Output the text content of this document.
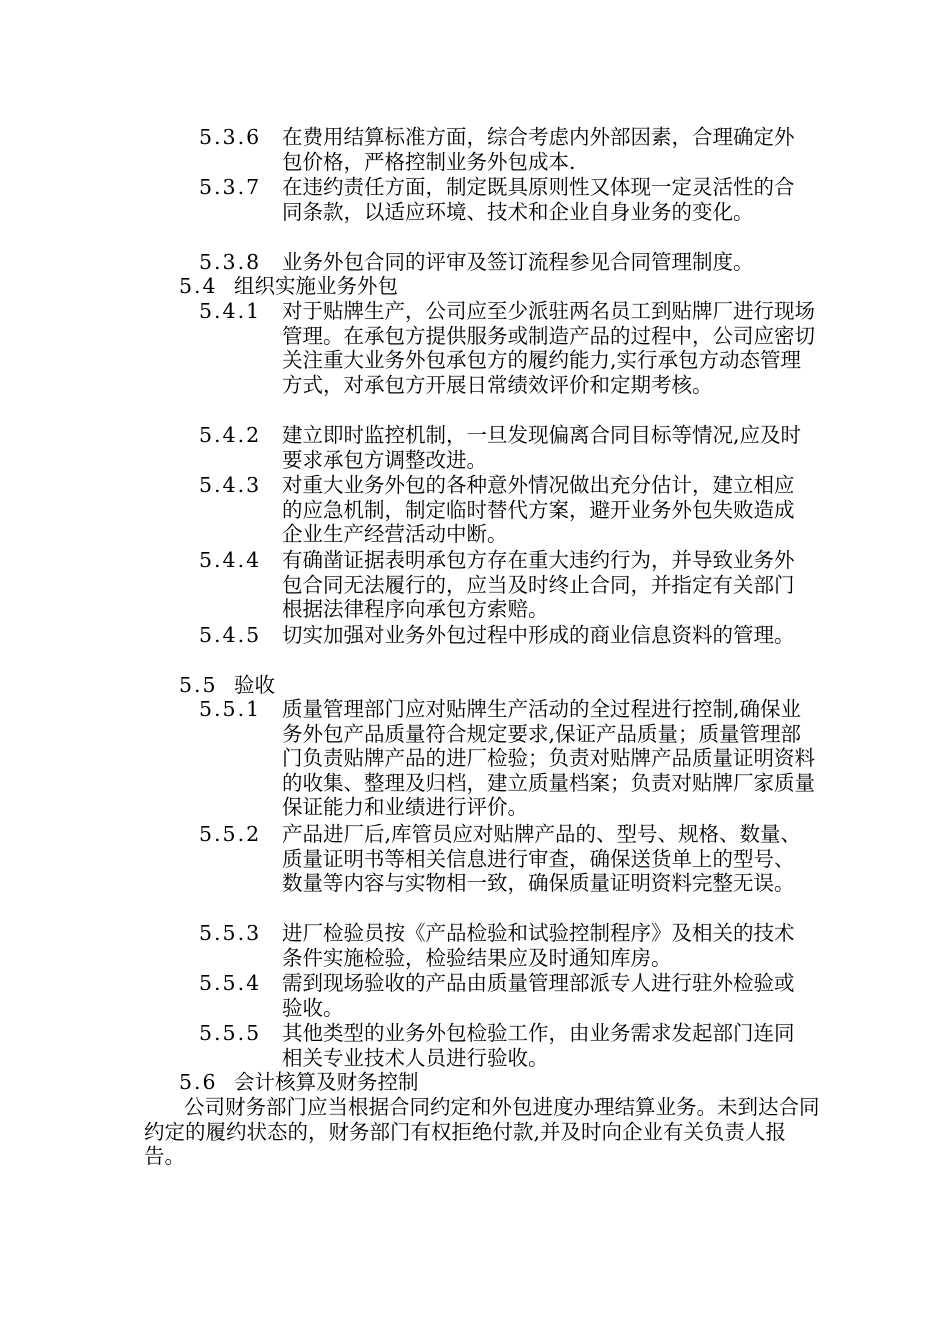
5.3.6 在费用结算标准方面，综合考虑内外部因素，合理确定外包价格，严格控制业务外包成本.
5.3.7 在违约责任方面，制定既具原则性又体现一定灵活性的合同条款，以适应环境、技术和企业自身业务的变化。
5.3.8 业务外包合同的评审及签订流程参见合同管理制度。
5.4 组织实施业务外包
5.4.1 对于贴牌生产，公司应至少派驻两名员工到贴牌厂进行现场管理。在承包方提供服务或制造产品的过程中，公司应密切关注重大业务外包承包方的履约能力,实行承包方动态管理方式，对承包方开展日常绩效评价和定期考核。
5.4.2 建立即时监控机制，一旦发现偏离合同目标等情况,应及时要求承包方调整改进。
5.4.3 对重大业务外包的各种意外情况做出充分估计，建立相应的应急机制，制定临时替代方案，避开业务外包失败造成企业生产经营活动中断。
5.4.4 有确凿证据表明承包方存在重大违约行为，并导致业务外包合同无法履行的，应当及时终止合同，并指定有关部门根据法律程序向承包方索赔。
5.4.5 切实加强对业务外包过程中形成的商业信息资料的管理。
5.5 验收
5.5.1 质量管理部门应对贴牌生产活动的全过程进行控制,确保业务外包产品质量符合规定要求,保证产品质量；质量管理部门负责贴牌产品的进厂检验；负责对贴牌产品质量证明资料的收集、整理及归档，建立质量档案；负责对贴牌厂家质量保证能力和业绩进行评价。
5.5.2 产品进厂后,库管员应对贴牌产品的、型号、规格、数量、质量证明书等相关信息进行审查，确保送货单上的型号、数量等内容与实物相一致，确保质量证明资料完整无误。
5.5.3 进厂检验员按《产品检验和试验控制程序》及相关的技术条件实施检验，检验结果应及时通知库房。
5.5.4 需到现场验收的产品由质量管理部派专人进行驻外检验或验收。
5.5.5 其他类型的业务外包检验工作，由业务需求发起部门连同相关专业技术人员进行验收。
5.6 会计核算及财务控制
公司财务部门应当根据合同约定和外包进度办理结算业务。未到达合同约定的履约状态的，财务部门有权拒绝付款,并及时向企业有关负责人报告。
